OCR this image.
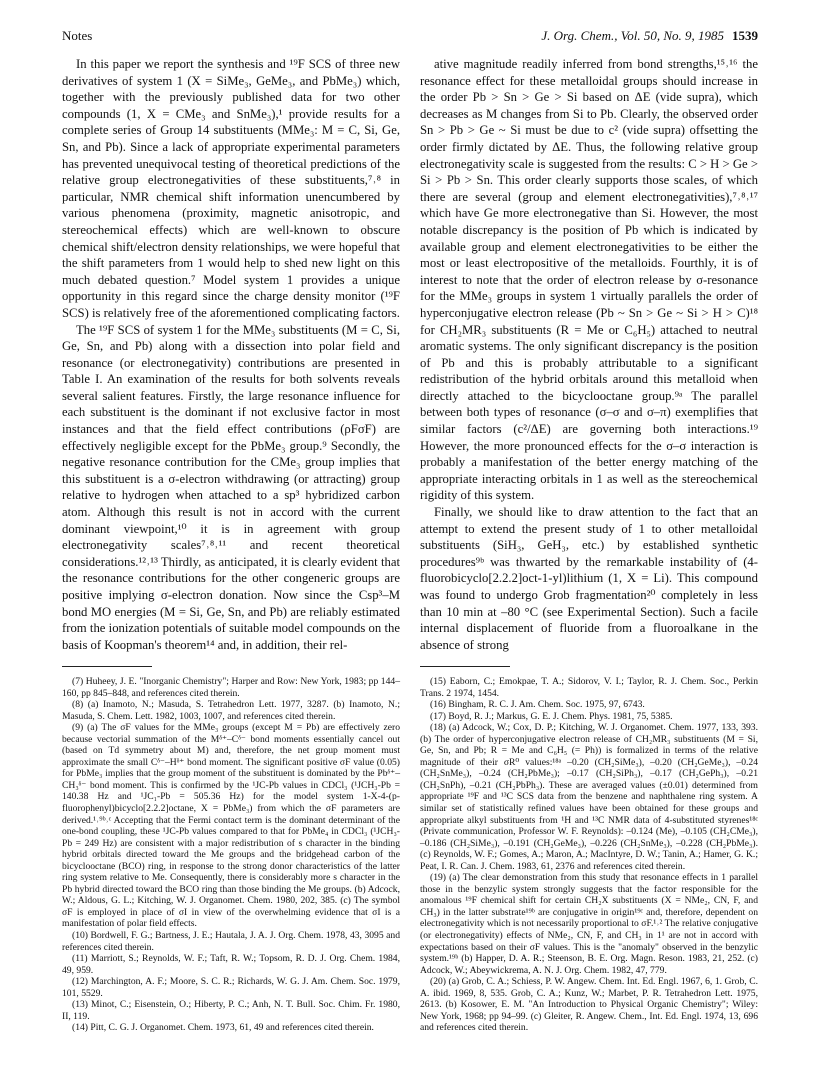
Notes	J. Org. Chem., Vol. 50, No. 9, 1985 1539

In this paper we report the synthesis and ¹⁹F SCS of three new derivatives of system 1 (X = SiMe₃, GeMe₃, and PbMe₃) which, together with the previously published data for two other compounds (1, X = CMe₃ and SnMe₃),¹ provide results for a complete series of Group 14 substituents (MMe₃: M = C, Si, Ge, Sn, and Pb). Since a lack of appropriate experimental parameters has prevented unequivocal testing of theoretical predictions of the relative group electronegativities of these substituents,⁷˒⁸ in particular, NMR chemical shift information unencumbered by various phenomena (proximity, magnetic anisotropic, and stereochemical effects) which are well-known to obscure chemical shift/electron density relationships, we were hopeful that the shift parameters from 1 would help to shed new light on this much debated question.⁷ Model system 1 provides a unique opportunity in this regard since the charge density monitor (¹⁹F SCS) is relatively free of the aforementioned complicating factors.

The ¹⁹F SCS of system 1 for the MMe₃ substituents (M = C, Si, Ge, Sn, and Pb) along with a dissection into polar field and resonance (or electronegativity) contributions are presented in Table I. An examination of the results for both solvents reveals several salient features. Firstly, the large resonance influence for each substituent is the dominant if not exclusive factor in most instances and that the field effect contributions (ρFσF) are effectively negligible except for the PbMe₃ group.⁹ Secondly, the negative resonance contribution for the CMe₃ group implies that this substituent is a σ-electron withdrawing (or attracting) group relative to hydrogen when attached to a sp³ hybridized carbon atom. Although this result is not in accord with the current dominant viewpoint,¹⁰ it is in agreement with group electronegativity scales⁷˒⁸˒¹¹ and recent theoretical considerations.¹²˒¹³ Thirdly, as anticipated, it is clearly evident that the resonance contributions for the other congeneric groups are positive implying σ-electron donation. Now since the Csp³–M bond MO energies (M = Si, Ge, Sn, and Pb) are reliably estimated from the ionization potentials of suitable model compounds on the basis of Koopman's theorem¹⁴ and, in addition, their rel-

ative magnitude readily inferred from bond strengths,¹⁵˒¹⁶ the resonance effect for these metalloidal groups should increase in the order Pb > Sn > Ge > Si based on ΔE (vide supra), which decreases as M changes from Si to Pb. Clearly, the observed order Sn > Pb > Ge ~ Si must be due to c² (vide supra) offsetting the order firmly dictated by ΔE. Thus, the following relative group electronegativity scale is suggested from the results: C > H > Ge > Si > Pb > Sn. This order clearly supports those scales, of which there are several (group and element electronegativities),⁷˒⁸˒¹⁷ which have Ge more electronegative than Si. However, the most notable discrepancy is the position of Pb which is indicated by available group and element electronegativities to be either the most or least electropositive of the metalloids. Fourthly, it is of interest to note that the order of electron release by σ-resonance for the MMe₃ groups in system 1 virtually parallels the order of hyperconjugative electron release (Pb ~ Sn > Ge ~ Si > H > C)¹⁸ for CH₂MR₃ substituents (R = Me or C₆H₅) attached to neutral aromatic systems. The only significant discrepancy is the position of Pb and this is probably attributable to a significant redistribution of the hybrid orbitals around this metalloid when directly attached to the bicyclooctane group.⁹ᵃ The parallel between both types of resonance (σ–σ and σ–π) exemplifies that similar factors (c²/ΔE) are governing both interactions.¹⁹ However, the more pronounced effects for the σ–σ interaction is probably a manifestation of the better energy matching of the appropriate interacting orbitals in 1 as well as the stereochemical rigidity of this system.

Finally, we should like to draw attention to the fact that an attempt to extend the present study of 1 to other metalloidal substituents (SiH₃, GeH₃, etc.) by established synthetic procedures⁹ᵇ was thwarted by the remarkable instability of (4-fluorobicyclo[2.2.2]oct-1-yl)lithium (1, X = Li). This compound was found to undergo Grob fragmentation²⁰ completely in less than 10 min at –80 °C (see Experimental Section). Such a facile internal displacement of fluoride from a fluoroalkane in the absence of strong

(7) Huheey, J. E. "Inorganic Chemistry"; Harper and Row: New York, 1983; pp 144–160, pp 845–848, and references cited therein.

(8) (a) Inamoto, N.; Masuda, S. Tetrahedron Lett. 1977, 3287. (b) Inamoto, N.; Masuda, S. Chem. Lett. 1982, 1003, 1007, and references cited therein.

(9) (a) The σF values for the MMe₃ groups (except M = Pb) are effectively zero because vectorial summation of the Mᵟ⁺–Cᵟ⁻ bond moments essentially cancel out (based on Td symmetry about M) and, therefore, the net group moment must approximate the small Cᵟ⁻–Hᵟ⁺ bond moment. The significant positive σF value (0.05) for PbMe₃ implies that the group moment of the substituent is dominated by the Pbᵟ⁺–CH₃ᵟ⁻ bond moment. This is confirmed by the ¹JC-Pb values in CDCl₃ (¹JCH₃-Pb = 140.38 Hz and ¹JC₁-Pb = 505.36 Hz) for the model system 1-X-4-(p-fluorophenyl)bicyclo[2.2.2]octane, X = PbMe₃) from which the σF parameters are derived.¹˒⁹ᵇ˒ᶜ Accepting that the Fermi contact term is the dominant determinant of the one-bond coupling, these ¹JC-Pb values compared to that for PbMe₄ in CDCl₃ (¹JCH₃-Pb = 249 Hz) are consistent with a major redistribution of s character in the binding hybrid orbitals directed toward the Me groups and the bridgehead carbon of the bicyclooctane (BCO) ring, in response to the strong donor characteristics of the latter ring system relative to Me. Consequently, there is considerably more s character in the Pb hybrid directed toward the BCO ring than those binding the Me groups. (b) Adcock, W.; Aldous, G. L.; Kitching, W. J. Organomet. Chem. 1980, 202, 385. (c) The symbol σF is employed in place of σI in view of the overwhelming evidence that σI is a manifestation of polar field effects.

(10) Bordwell, F. G.; Bartness, J. E.; Hautala, J. A. J. Org. Chem. 1978, 43, 3095 and references cited therein.

(11) Marriott, S.; Reynolds, W. F.; Taft, R. W.; Topsom, R. D. J. Org. Chem. 1984, 49, 959.

(12) Marchington, A. F.; Moore, S. C. R.; Richards, W. G. J. Am. Chem. Soc. 1979, 101, 5529.

(13) Minot, C.; Eisenstein, O.; Hiberty, P. C.; Anh, N. T. Bull. Soc. Chim. Fr. 1980, II, 119.

(14) Pitt, C. G. J. Organomet. Chem. 1973, 61, 49 and references cited therein.

(15) Eaborn, C.; Emokpae, T. A.; Sidorov, V. I.; Taylor, R. J. Chem. Soc., Perkin Trans. 2 1974, 1454.

(16) Bingham, R. C. J. Am. Chem. Soc. 1975, 97, 6743.

(17) Boyd, R. J.; Markus, G. E. J. Chem. Phys. 1981, 75, 5385.

(18) (a) Adcock, W.; Cox, D. P.; Kitching, W. J. Organomet. Chem. 1977, 133, 393. (b) The order of hyperconjugative electron release of CH₂MR₃ substituents (M = Si, Ge, Sn, and Pb; R = Me and C₆H₅ (= Ph)) is formalized in terms of the relative magnitude of their σR⁰ values:¹⁸ᵃ –0.20 (CH₂SiMe₃), –0.20 (CH₂GeMe₃), –0.24 (CH₂SnMe₃), –0.24 (CH₂PbMe₃); –0.17 (CH₂SiPh₃), –0.17 (CH₂GePh₃), –0.21 (CH₂SnPh), –0.21 (CH₂PbPh₃). These are averaged values (±0.01) determined from appropriate ¹⁹F and ¹³C SCS data from the benzene and naphthalene ring system. A similar set of statistically refined values have been obtained for these groups and appropriate alkyl substituents from ¹H and ¹³C NMR data of 4-substituted styrenes¹⁸ᶜ (Private communication, Professor W. F. Reynolds): –0.124 (Me), –0.105 (CH₂CMe₃), –0.186 (CH₂SiMe₃), –0.191 (CH₂GeMe₃), –0.226 (CH₂SnMe₃), –0.228 (CH₂PbMe₃). (c) Reynolds, W. F.; Gomes, A.; Maron, A.; MacIntyre, D. W.; Tanin, A.; Hamer, G. K.; Peat, I. R. Can. J. Chem. 1983, 61, 2376 and references cited therein.

(19) (a) The clear demonstration from this study that resonance effects in 1 parallel those in the benzylic system strongly suggests that the factor responsible for the anomalous ¹⁹F chemical shift for certain CH₂X substituents (X = NMe₂, CN, F, and CH₃) in the latter substrate¹⁹ᵇ are conjugative in origin¹⁹ᶜ and, therefore, dependent on electronegativity which is not necessarily proportional to σF.¹˒² The relative conjugative (or electronegativity) effects of NMe₂, CN, F, and CH₃ in 1¹ are not in accord with expectations based on their σF values. This is the "anomaly" observed in the benzylic system.¹⁹ᵇ (b) Happer, D. A. R.; Steenson, B. E. Org. Magn. Reson. 1983, 21, 252. (c) Adcock, W.; Abeywickrema, A. N. J. Org. Chem. 1982, 47, 779.

(20) (a) Grob, C. A.; Schiess, P. W. Angew. Chem. Int. Ed. Engl. 1967, 6, 1. Grob, C. A. ibid. 1969, 8, 535. Grob, C. A.; Kunz, W.; Marbet, P. R. Tetrahedron Lett. 1975, 2613. (b) Kosower, E. M. "An Introduction to Physical Organic Chemistry"; Wiley: New York, 1968; pp 94–99. (c) Gleiter, R. Angew. Chem., Int. Ed. Engl. 1974, 13, 696 and references cited therein.
